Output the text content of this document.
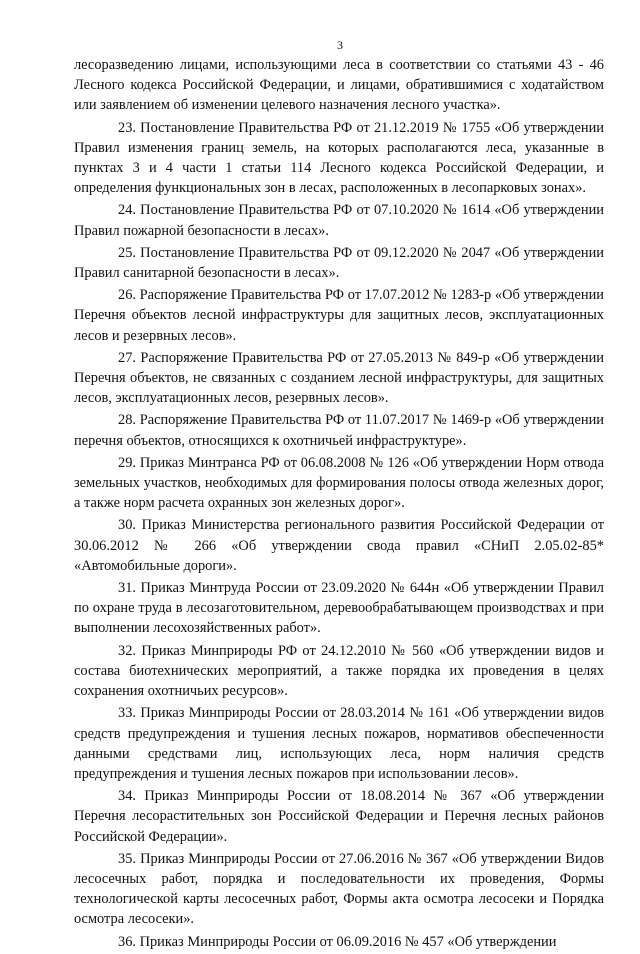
3

лесоразведению лицами, использующими леса в соответствии со статьями 43 - 46 Лесного кодекса Российской Федерации, и лицами, обратившимися с ходатайством или заявлением об изменении целевого назначения лесного участка».

23. Постановление Правительства РФ от 21.12.2019 № 1755 «Об утверждении Правил изменения границ земель, на которых располагаются леса, указанные в пунктах 3 и 4 части 1 статьи 114 Лесного кодекса Российской Федерации, и определения функциональных зон в лесах, расположенных в лесопарковых зонах».

24. Постановление Правительства РФ от 07.10.2020 № 1614 «Об утверждении Правил пожарной безопасности в лесах».

25. Постановление Правительства РФ от 09.12.2020 № 2047 «Об утверждении Правил санитарной безопасности в лесах».

26. Распоряжение Правительства РФ от 17.07.2012 № 1283-р «Об утверждении Перечня объектов лесной инфраструктуры для защитных лесов, эксплуатационных лесов и резервных лесов».

27. Распоряжение Правительства РФ от 27.05.2013 № 849-р «Об утверждении Перечня объектов, не связанных с созданием лесной инфраструктуры, для защитных лесов, эксплуатационных лесов, резервных лесов».

28. Распоряжение Правительства РФ от 11.07.2017 № 1469-р «Об утверждении перечня объектов, относящихся к охотничьей инфраструктуре».

29. Приказ Минтранса РФ от 06.08.2008 № 126 «Об утверждении Норм отвода земельных участков, необходимых для формирования полосы отвода железных дорог, а также норм расчета охранных зон железных дорог».

30. Приказ Министерства регионального развития Российской Федерации от 30.06.2012 № 266 «Об утверждении свода правил «СНиП 2.05.02-85* «Автомобильные дороги».

31. Приказ Минтруда России от 23.09.2020 № 644н «Об утверждении Правил по охране труда в лесозаготовительном, деревообрабатывающем производствах и при выполнении лесохозяйственных работ».

32. Приказ Минприроды РФ от 24.12.2010 № 560 «Об утверждении видов и состава биотехнических мероприятий, а также порядка их проведения в целях сохранения охотничьих ресурсов».

33. Приказ Минприроды России от 28.03.2014 № 161 «Об утверждении видов средств предупреждения и тушения лесных пожаров, нормативов обеспеченности данными средствами лиц, использующих леса, норм наличия средств предупреждения и тушения лесных пожаров при использовании лесов».

34. Приказ Минприроды России от 18.08.2014 № 367 «Об утверждении Перечня лесорастительных зон Российской Федерации и Перечня лесных районов Российской Федерации».

35. Приказ Минприроды России от 27.06.2016 № 367 «Об утверждении Видов лесосечных работ, порядка и последовательности их проведения, Формы технологической карты лесосечных работ, Формы акта осмотра лесосеки и Порядка осмотра лесосеки».

36. Приказ Минприроды России от 06.09.2016 № 457 «Об утверждении
